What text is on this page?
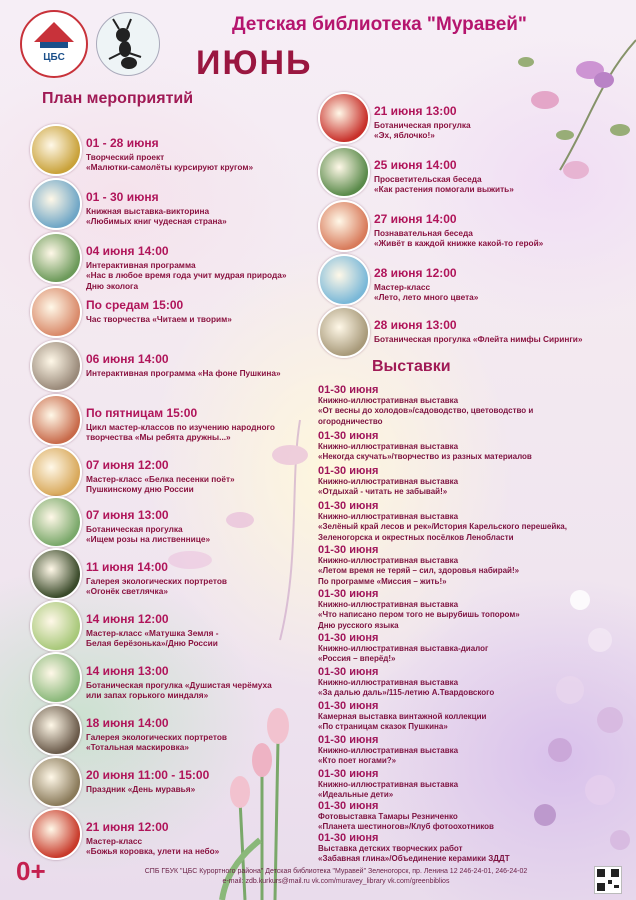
ЦБС
Детская библиотека "Муравей"
ИЮНЬ
План мероприятий
Выставки
01 - 28 июня
Творческий проект
«Малютки-самолёты курсируют кругом»
01 - 30 июня
Книжная выставка-викторина
«Любимых книг чудесная страна»
04 июня 14:00
Интерактивная программа
«Нас в любое время года учит мудрая природа»
Дню эколога
По средам 15:00
Час творчества «Читаем и творим»
06 июня 14:00
Интерактивная программа «На фоне Пушкина»
По пятницам 15:00
Цикл мастер-классов по изучению народного
творчества «Мы ребята дружны...»
07 июня 12:00
Мастер-класс «Белка песенки поёт»
Пушкинскому дню России
07 июня 13:00
Ботаническая прогулка
«Ищем розы на лиственнице»
11 июня 14:00
Галерея экологических портретов
«Огонёк светлячка»
14 июня 12:00
Мастер-класс «Матушка Земля -
Белая берёзонька»/Дню России
14 июня 13:00
Ботаническая прогулка «Душистая черёмуха
или запах горького миндаля»
18 июня 14:00
Галерея экологических портретов
«Тотальная маскировка»
20 июня 11:00 - 15:00
Праздник «День муравья»
21 июня 12:00
Мастер-класс
«Божья коровка, улети на небо»
21 июня 13:00
Ботаническая прогулка
«Эх, яблочко!»
25 июня 14:00
Просветительская беседа
«Как растения помогали выжить»
27 июня 14:00
Познавательная беседа
«Живёт в каждой книжке какой-то герой»
28 июня 12:00
Мастер-класс
«Лето, лето много цвета»
28 июня 13:00
Ботаническая прогулка «Флейта нимфы Сиринги»
01-30 июня
Книжно-иллюстративная выставка
«От весны до холодов»/садоводство, цветоводство и
огородничество
01-30 июня
Книжно-иллюстративная выставка
«Некогда скучать»/творчество из разных материалов
01-30 июня
Книжно-иллюстративная выставка
«Отдыхай - читать не забывай!»
01-30 июня
Книжно-иллюстративная выставка
«Зелёный край лесов и рек»/История Карельского перешейка,
Зеленогорска и окрестных посёлков Ленобласти
01-30 июня
Книжно-иллюстративная выставка
«Летом время не теряй – сил, здоровья набирай!»
По программе «Миссия – жить!»
01-30 июня
Книжно-иллюстративная выставка
«Что написано пером того не вырубишь топором»
Дню русского языка
01-30 июня
Книжно-иллюстративная выставка-диалог
«Россия – вперёд!»
01-30 июня
Книжно-иллюстративная выставка
«За далью даль»/115-летию А.Твардовского
01-30 июня
Камерная выставка винтажной коллекции
«По страницам сказок Пушкина»
01-30 июня
Книжно-иллюстративная выставка
«Кто поет ногами?»
01-30 июня
Книжно-иллюстративная выставка
«Идеальные дети»
01-30 июня
Фотовыставка Тамары Резниченко
«Планета шестиногов»/Клуб фотоохотников
01-30 июня
Выставка детских творческих работ
«Забавная глина»/Объединение керамики ЗДДТ
0+	СПБ ГБУК "ЦБС Курортного района" Детская библиотека "Муравей" Зеленогорск, пр. Ленина 12 246-24-01, 246-24-02
e-mail: zdb.kurkurs@mail.ru vk.com/muravey_library vk.com/greenbiblios
